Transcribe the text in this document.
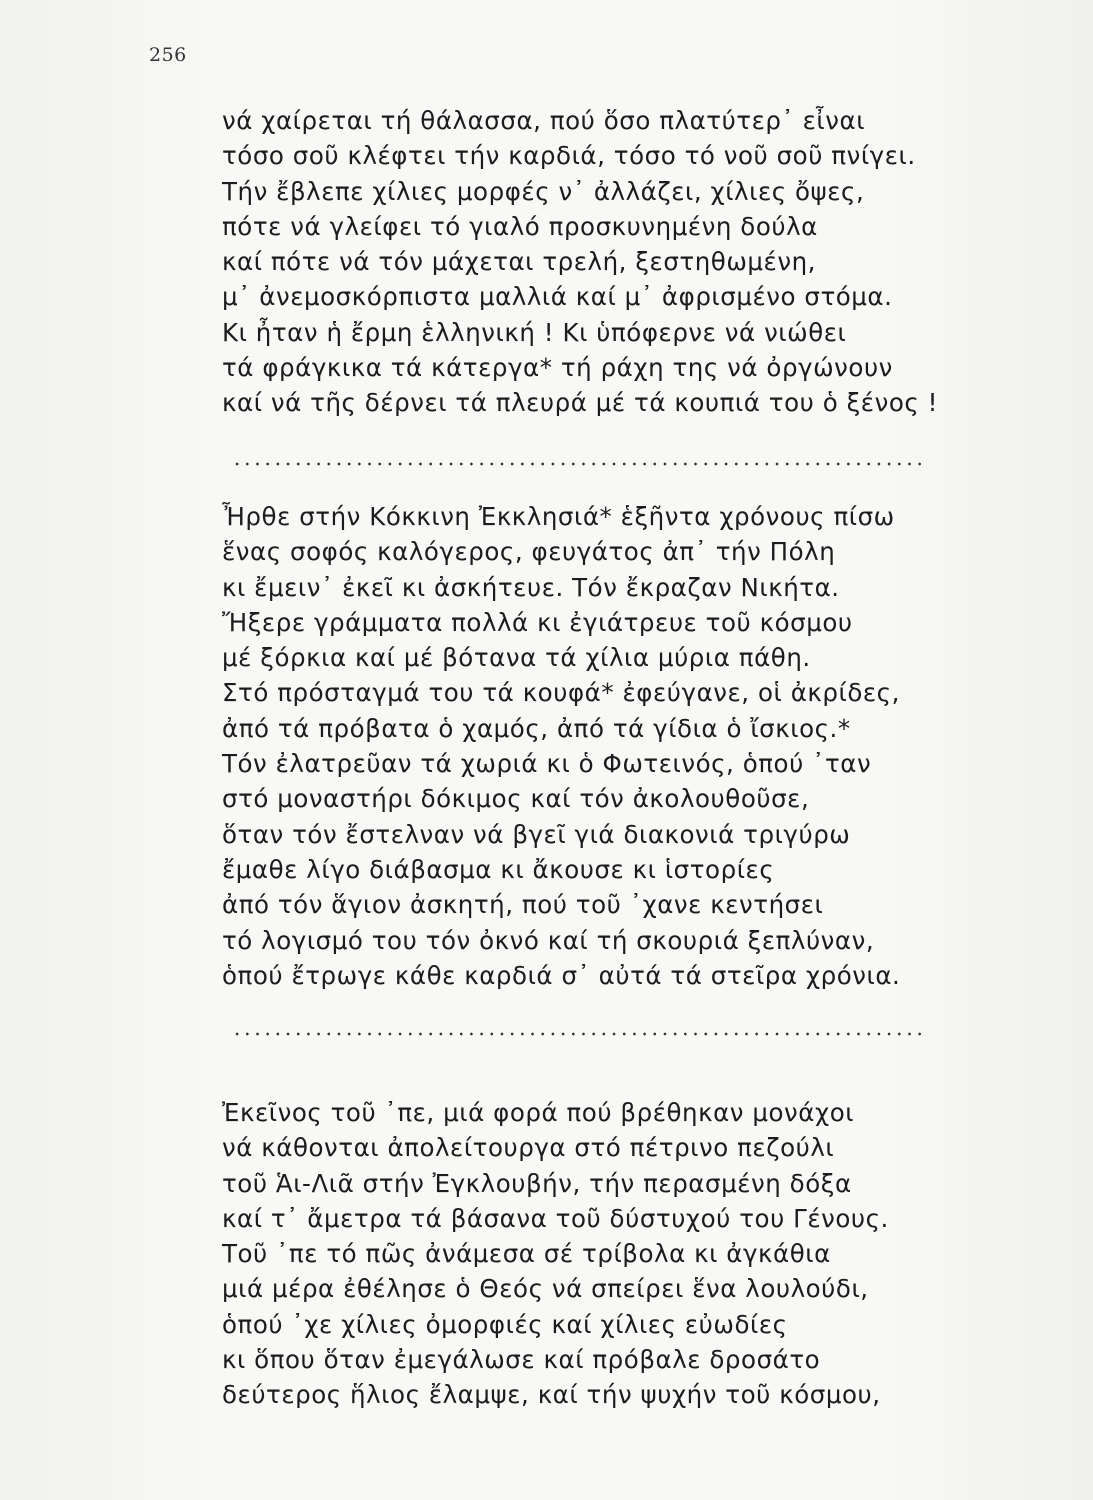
256
νά χαίρεται τή θάλασσα, πού ὅσο πλατύτερ᾿ εἶναι
τόσο σοῦ κλέφτει τήν καρδιά, τόσο τό νοῦ σοῦ πνίγει.
Τήν ἔβλεπε χίλιες μορφές ν᾿ ἀλλάζει, χίλιες ὄψες,
πότε νά γλείφει τό γιαλό προσκυνημένη δούλα
καί πότε νά τόν μάχεται τρελή, ξεστηθωμένη,
μ᾿ ἀνεμοσκόρπιστα μαλλιά καί μ᾿ ἀφρισμένο στόμα.
Κι ἦταν ἡ ἔρμη ἑλληνική ! Κι ὑπόφερνε νά νιώθει
τά φράγκικα τά κάτεργα* τή ράχη της νά ὀργώνουν
καί νά τῆς δέρνει τά πλευρά μέ τά κουπιά του ὁ ξένος !
Ἦρθε στήν Κόκκινη Ἐκκλησιά* ἑξῆντα χρόνους πίσω
ἕνας σοφός καλόγερος, φευγάτος ἀπ᾿ τήν Πόλη
κι ἔμειν᾿ ἐκεῖ κι ἀσκήτευε. Τόν ἔκραζαν Νικήτα.
Ἤξερε γράμματα πολλά κι ἐγιάτρευε τοῦ κόσμου
μέ ξόρκια καί μέ βότανα τά χίλια μύρια πάθη.
Στό πρόσταγμά του τά κουφά* ἐφεύγανε, οἱ ἀκρίδες,
ἀπό τά πρόβατα ὁ χαμός, ἀπό τά γίδια ὁ ἴσκιος.*
Τόν ἐλατρεῦαν τά χωριά κι ὁ Φωτεινός, ὁπού ᾿ταν
στό μοναστήρι δόκιμος καί τόν ἀκολουθοῦσε,
ὅταν τόν ἔστελναν νά βγεῖ γιά διακονιά τριγύρω
ἔμαθε λίγο διάβασμα κι ἄκουσε κι ἱστορίες
ἀπό τόν ἅγιον ἀσκητή, πού τοῦ ᾿χανε κεντήσει
τό λογισμό του τόν ὀκνό καί τή σκουριά ξεπλύναν,
ὁπού ἔτρωγε κάθε καρδιά σ᾿ αὐτά τά στεῖρα χρόνια.
Ἐκεῖνος τοῦ ᾿πε, μιά φορά πού βρέθηκαν μονάχοι
νά κάθονται ἀπολείτουργα στό πέτρινο πεζούλι
τοῦ Ἁι-Λιᾶ στήν Ἐγκλουβήν, τήν περασμένη δόξα
καί τ᾿ ἄμετρα τά βάσανα τοῦ δύστυχού του Γένους.
Τοῦ ᾿πε τό πῶς ἀνάμεσα σέ τρίβολα κι ἀγκάθια
μιά μέρα ἐθέλησε ὁ Θεός νά σπείρει ἕνα λουλούδι,
ὁπού ᾿χε χίλιες ὀμορφιές καί χίλιες εὐωδίες
κι ὅπου ὅταν ἐμεγάλωσε καί πρόβαλε δροσάτο
δεύτερος ἥλιος ἔλαμψε, καί τήν ψυχήν τοῦ κόσμου,
